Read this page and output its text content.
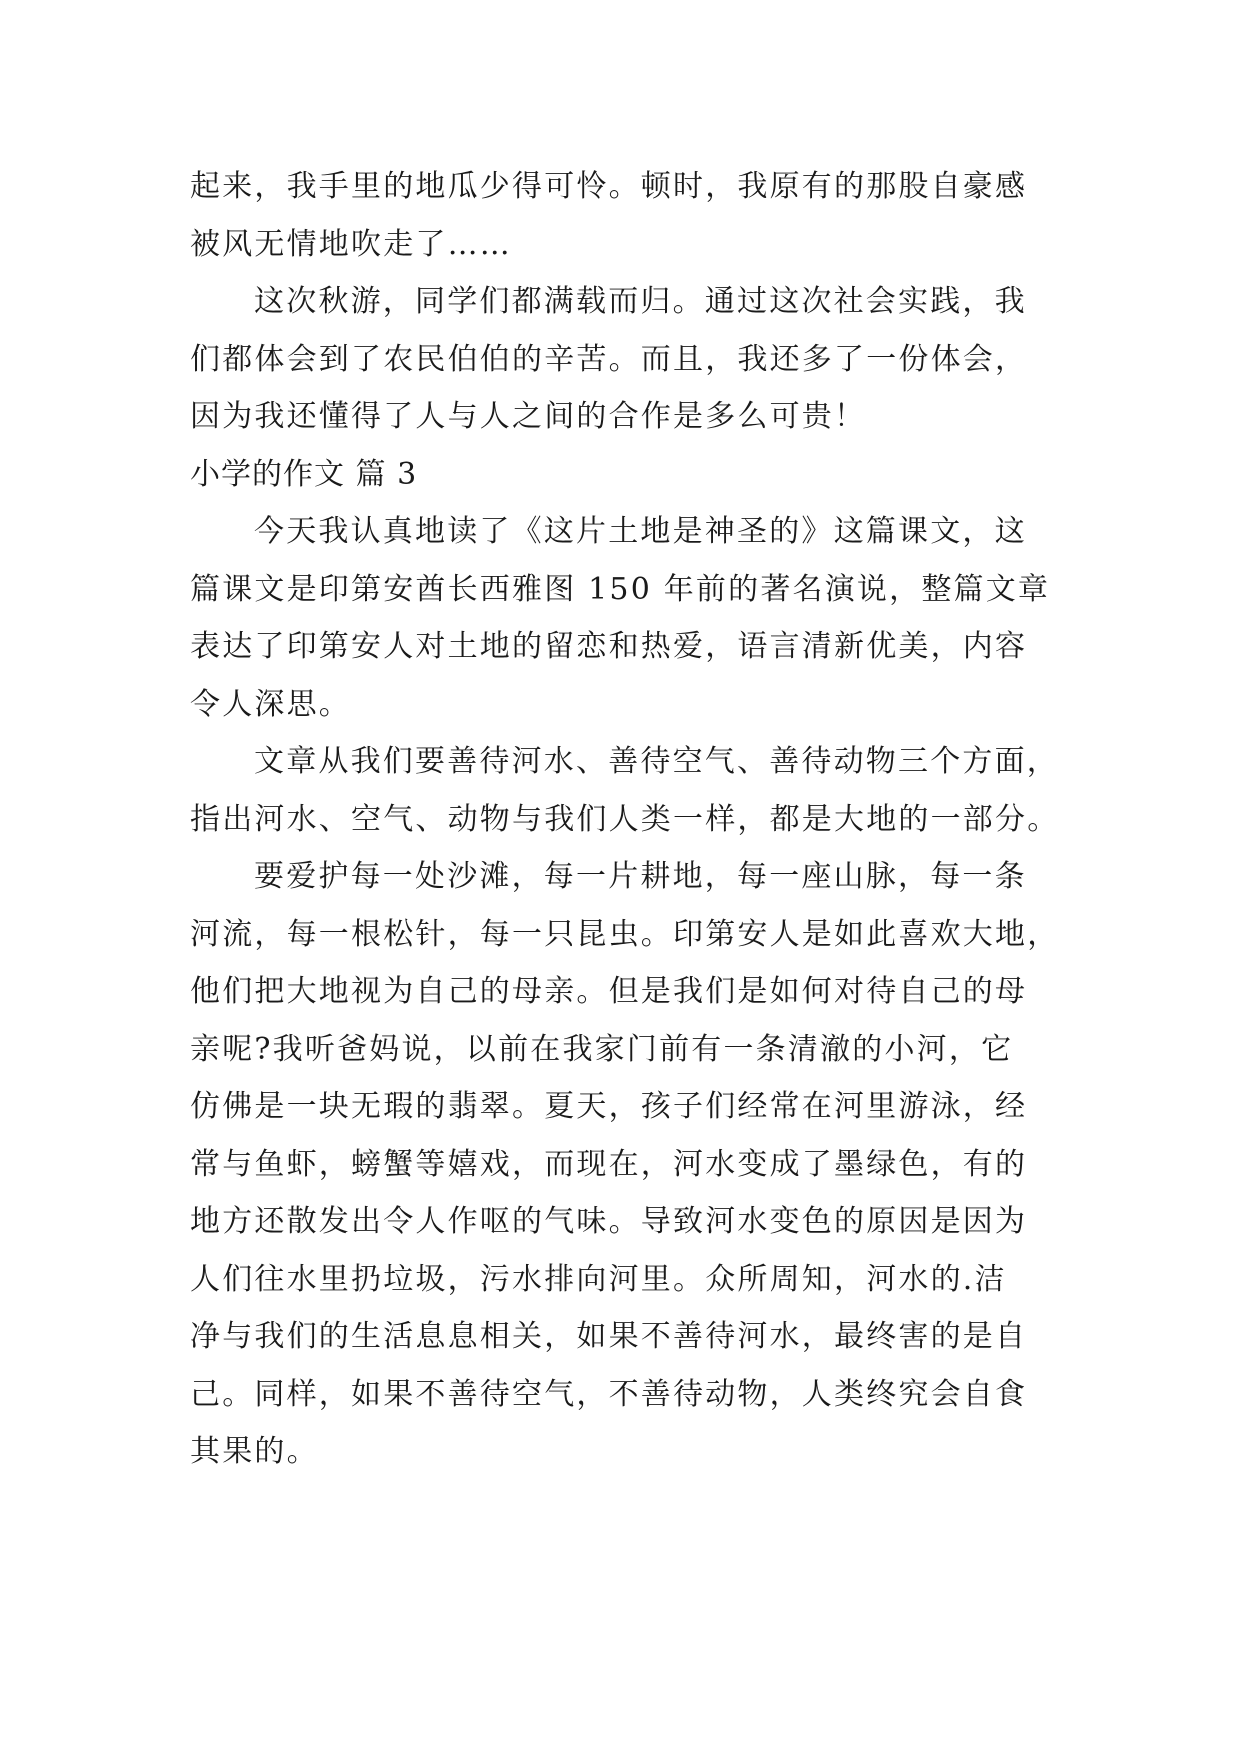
起来，我手里的地瓜少得可怜。顿时，我原有的那股自豪感
被风无情地吹走了……
这次秋游，同学们都满载而归。通过这次社会实践，我
们都体会到了农民伯伯的辛苦。而且，我还多了一份体会，
因为我还懂得了人与人之间的合作是多么可贵！
小学的作文 篇 3
今天我认真地读了《这片土地是神圣的》这篇课文，这
篇课文是印第安酋长西雅图 150 年前的著名演说，整篇文章
表达了印第安人对土地的留恋和热爱，语言清新优美，内容
令人深思。
文章从我们要善待河水、善待空气、善待动物三个方面，
指出河水、空气、动物与我们人类一样，都是大地的一部分。
要爱护每一处沙滩，每一片耕地，每一座山脉，每一条
河流，每一根松针，每一只昆虫。印第安人是如此喜欢大地，
他们把大地视为自己的母亲。但是我们是如何对待自己的母
亲呢?我听爸妈说，以前在我家门前有一条清澈的小河，它
仿佛是一块无瑕的翡翠。夏天，孩子们经常在河里游泳，经
常与鱼虾，螃蟹等嬉戏，而现在，河水变成了墨绿色，有的
地方还散发出令人作呕的气味。导致河水变色的原因是因为
人们往水里扔垃圾，污水排向河里。众所周知，河水的.洁
净与我们的生活息息相关，如果不善待河水，最终害的是自
己。同样，如果不善待空气，不善待动物，人类终究会自食
其果的。
